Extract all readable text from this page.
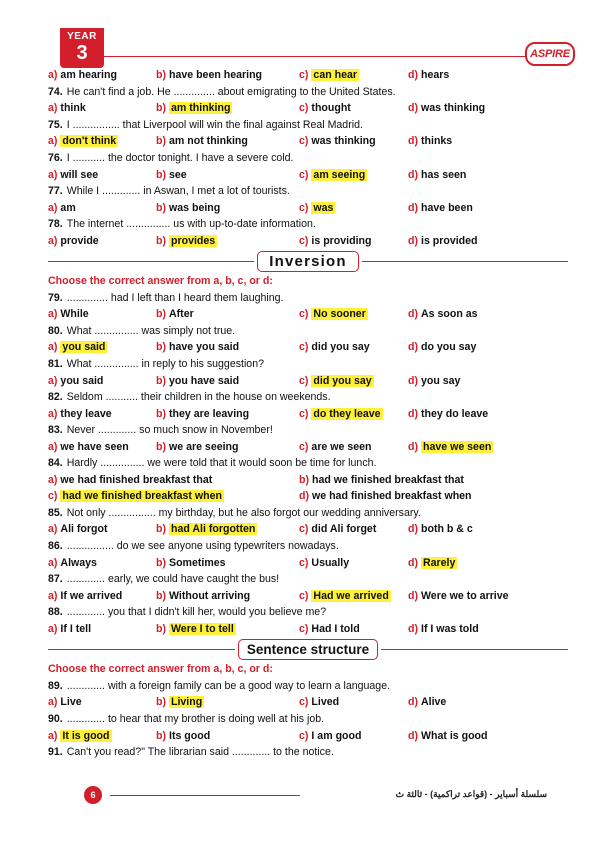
YEAR
3	ASPIRE
a) am hearing	b) have been hearing	c) can hear	d) hears
74. He can't find a job. He .............. about emigrating to the United States.
a) think	b) am thinking	c) thought	d) was thinking
75. I ................ that Liverpool will win the final against Real Madrid.
a) don't think	b) am not thinking	c) was thinking	d) thinks
76. I ........... the doctor tonight. I have a severe cold.
a) will see	b) see	c) am seeing	d) has seen
77. While I ............. in Aswan, I met a lot of tourists.
a) am	b) was being	c) was	d) have been
78. The internet ............... us with up-to-date information.
a) provide	b) provides	c) is providing	d) is provided
Inversion
Choose the correct answer from a, b, c, or d:
79. .............. had I left than I heard them laughing.
a) While	b) After	c) No sooner	d) As soon as
80. What ............... was simply not true.
a) you said	b) have you said	c) did you say	d) do you say
81. What ............... in reply to his suggestion?
a) you said	b) you have said	c) did you say	d) you say
82. Seldom ........... their children in the house on weekends.
a) they leave	b) they are leaving	c) do they leave	d) they do leave
83. Never ............. so much snow in November!
a) we have seen	b) we are seeing	c) are we seen	d) have we seen
84. Hardly ............... we were told that it would soon be time for lunch.
a) we had finished breakfast that	b) had we finished breakfast that
c) had we finished breakfast when	d) we had finished breakfast when
85. Not only ................ my birthday, but he also forgot our wedding anniversary.
a) Ali forgot	b) had Ali forgotten	c) did Ali forget	d) both b & c
86. ................ do we see anyone using typewriters nowadays.
a) Always	b) Sometimes	c) Usually	d) Rarely
87. ............. early, we could have caught the bus!
a) If we arrived	b) Without arriving	c) Had we arrived d) Were we to arrive
88. ............. you that I didn't kill her, would you believe me?
a) If I tell	b) Were I to tell	c) Had I told	d) If I was told
Sentence structure
Choose the correct answer from a, b, c, or d:
89. ............. with a foreign family can be a good way to learn a language.
a) Live	b) Living	c) Lived	d) Alive
90. ............. to hear that my brother is doing well at his job.
a) It is good	b) Its good	c) I am good	d) What is good
91. Can't you read?" The librarian said ............. to the notice.
6	سلسلة أسباير - (قواعد تراكمية) - ثالثة ث
